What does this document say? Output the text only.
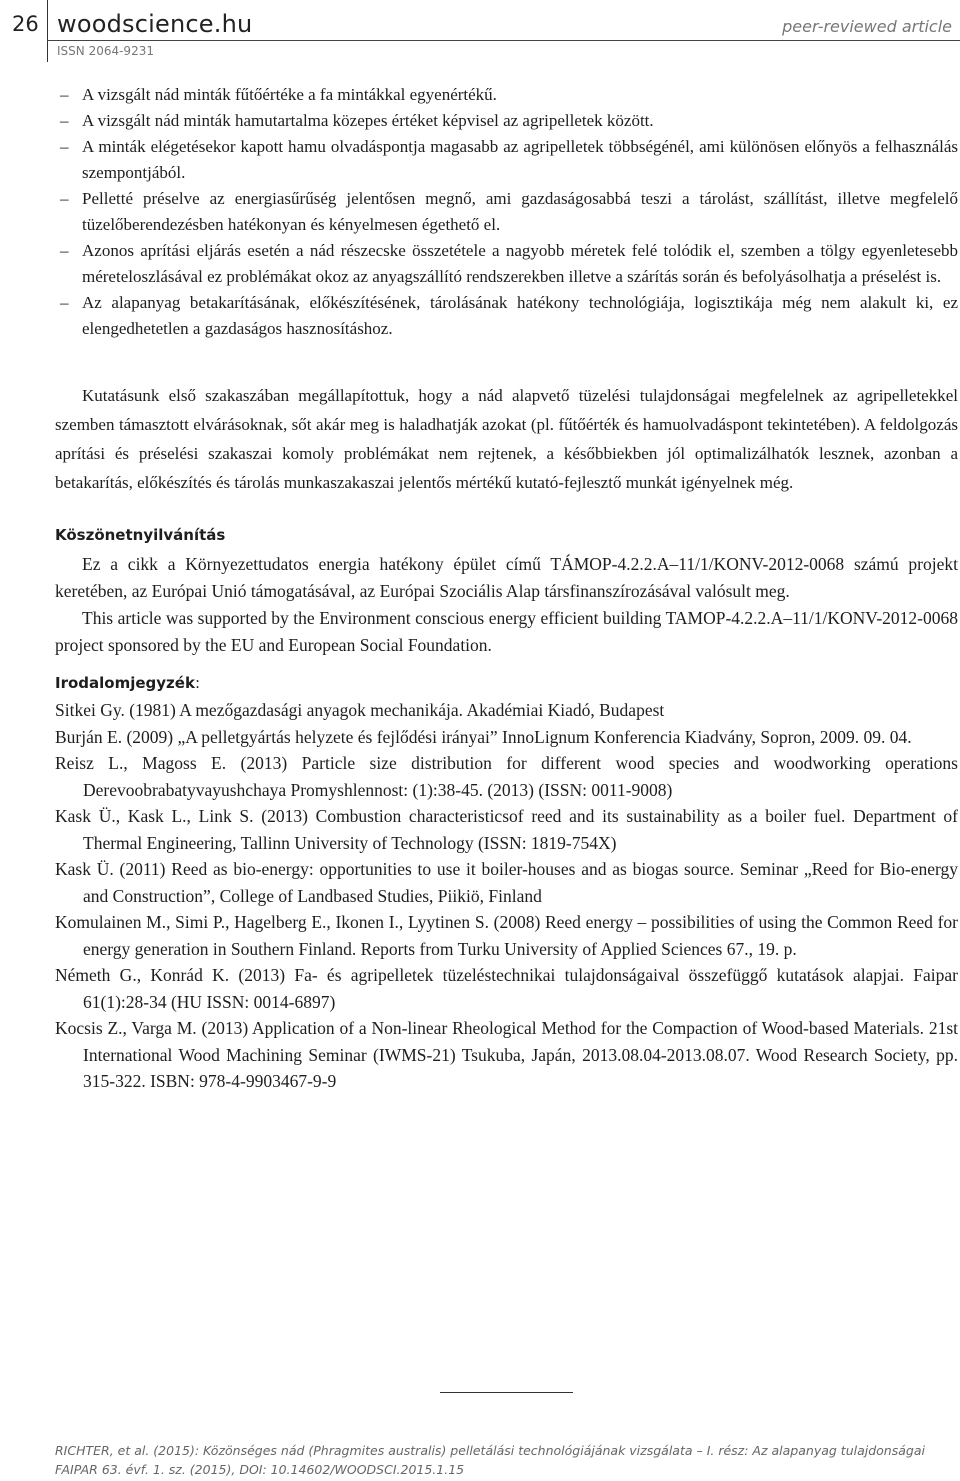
26 woodscience.hu
ISSN 2064-9231
peer-reviewed article
– A vizsgált nád minták fűtőértéke a fa mintákkal egyenértékű.
– A vizsgált nád minták hamutartalma közepes értéket képvisel az agripelletek között.
– A minták elégetésekor kapott hamu olvadáspontja magasabb az agripelletek többségénél, ami különösen előnyös a felhasználás szempontjából.
– Pelletté préselve az energiasűrűség jelentősen megnő, ami gazdaságosabbá teszi a tárolást, szállítást, illetve megfelelő tüzelőberendezésben hatékonyan és kényelmesen égethető el.
– Azonos aprítási eljárás esetén a nád részecske összetétele a nagyobb méretek felé tolódik el, szemben a tölgy egyenletesebb méreteloszlásával ez problémákat okoz az anyagszállító rendszerekben illetve a szárítás során és befolyásolhatja a préselést is.
– Az alapanyag betakarításának, előkészítésének, tárolásának hatékony technológiája, logisztikája még nem alakult ki, ez elengedhetetlen a gazdaságos hasznosításhoz.

Kutatásunk első szakaszában megállapítottuk, hogy a nád alapvető tüzelési tulajdonságai megfelelnek az agripelletekkel szemben támasztott elvárásoknak, sőt akár meg is haladhatják azokat (pl. fűtőérték és hamuolvadáspont tekintetében). A feldolgozás aprítási és préselési szakaszai komoly problémákat nem rejtenek, a későbbiekben jól optimalizálhatók lesznek, azonban a betakarítás, előkészítés és tárolás munkaszakaszai jelentős mértékű kutató-fejlesztő munkát igényelnek még.

Köszönetnyilvánítás

Ez a cikk a Környezettudatos energia hatékony épület című TÁMOP-4.2.2.A–11/1/KONV-2012-0068 számú projekt keretében, az Európai Unió támogatásával, az Európai Szociális Alap társfinanszírozásával valósult meg.

This article was supported by the Environment conscious energy efficient building TAMOP-4.2.2.A–11/1/KONV-2012-0068 project sponsored by the EU and European Social Foundation.

Irodalomjegyzék:
Sitkei Gy. (1981) A mezőgazdasági anyagok mechanikája. Akadémiai Kiadó, Budapest
Burján E. (2009) „A pelletgyártás helyzete és fejlődési irányai” InnoLignum Konferencia Kiadvány, Sopron, 2009. 09. 04.
Reisz L., Magoss E. (2013) Particle size distribution for different wood species and woodworking operations Derevoobrabatyvayushchaya Promyshlennost: (1):38-45. (2013) (ISSN: 0011-9008)
Kask Ü., Kask L., Link S. (2013) Combustion characteristicsof reed and its sustainability as a boiler fuel. Department of Thermal Engineering, Tallinn University of Technology (ISSN: 1819-754X)
Kask Ü. (2011) Reed as bio-energy: opportunities to use it boiler-houses and as biogas source. Seminar „Reed for Bio-energy and Construction”, College of Landbased Studies, Piikiö, Finland
Komulainen M., Simi P., Hagelberg E., Ikonen I., Lyytinen S. (2008) Reed energy – possibilities of using the Common Reed for energy generation in Southern Finland. Reports from Turku University of Applied Sciences 67., 19. p.
Németh G., Konrád K. (2013) Fa- és agripelletek tüzeléstechnikai tulajdonságaival összefüggő kutatások alapjai. Faipar 61(1):28-34 (HU ISSN: 0014-6897)
Kocsis Z., Varga M. (2013) Application of a Non-linear Rheological Method for the Compaction of Wood-based Materials. 21st International Wood Machining Seminar (IWMS-21) Tsukuba, Japán, 2013.08.04-2013.08.07. Wood Research Society, pp. 315-322. ISBN: 978-4-9903467-9-9
RICHTER, et al. (2015): Közönséges nád (Phragmites australis) pelletálási technológiájának vizsgálata – I. rész: Az alapanyag tulajdonságai
FAIPAR 63. évf. 1. sz. (2015), DOI: 10.14602/WOODSCI.2015.1.15
